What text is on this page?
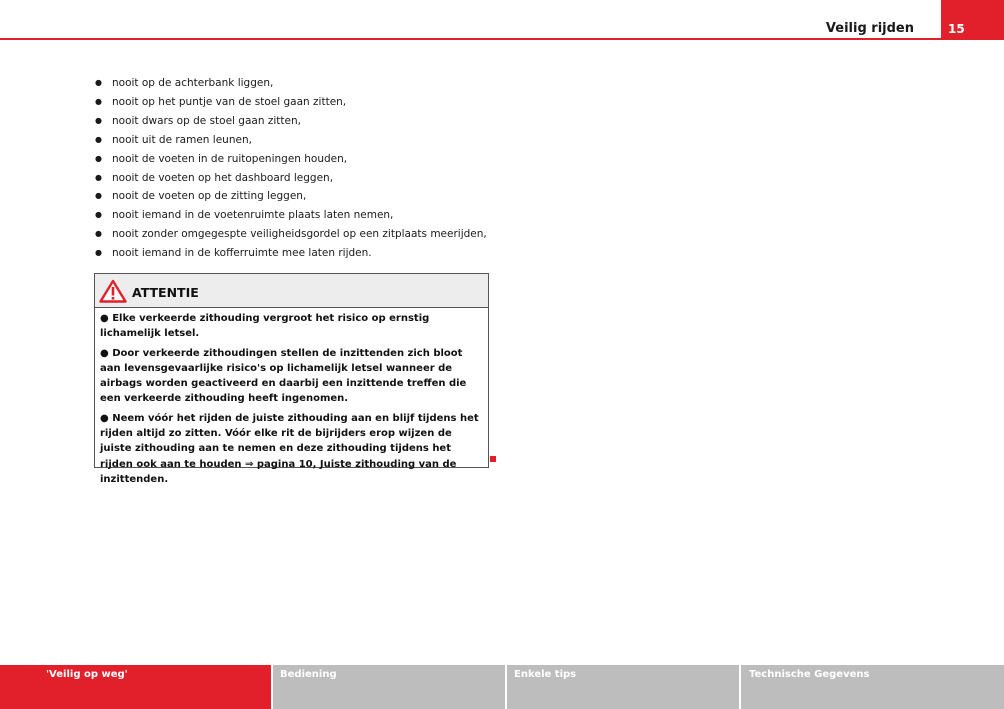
Veilig rijden	15
● nooit op de achterbank liggen,
● nooit op het puntje van de stoel gaan zitten,
● nooit dwars op de stoel gaan zitten,
● nooit uit de ramen leunen,
● nooit de voeten in de ruitopeningen houden,
● nooit de voeten op het dashboard leggen,
● nooit de voeten op de zitting leggen,
● nooit iemand in de voetenruimte plaats laten nemen,
● nooit zonder omgegespte veiligheidsgordel op een zitplaats meerijden,
● nooit iemand in de kofferruimte mee laten rijden.
ATTENTIE

● Elke verkeerde zithouding vergroot het risico op ernstig lichamelijk letsel.

● Door verkeerde zithoudingen stellen de inzittenden zich bloot aan levensgevaarlijke risico's op lichamelijk letsel wanneer de airbags worden geactiveerd en daarbij een inzittende treffen die een verkeerde zithouding heeft ingenomen.

● Neem vóór het rijden de juiste zithouding aan en blijf tijdens het rijden altijd zo zitten. Vóór elke rit de bijrijders erop wijzen de juiste zithouding aan te nemen en deze zithouding tijdens het rijden ook aan te houden ⇒ pagina 10, Juiste zithouding van de inzittenden.

'Veilig op weg'	Bediening	Enkele tips	Technische Gegevens
